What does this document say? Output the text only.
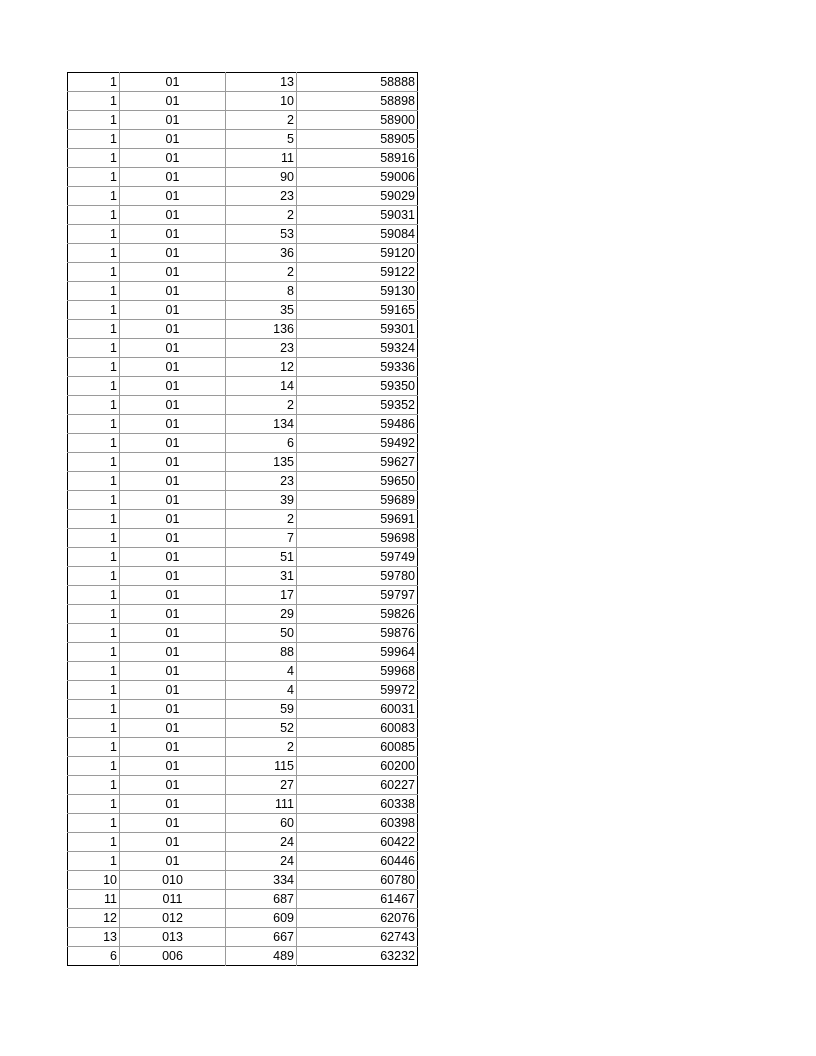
1	01	13	58888
1	01	10	58898
1	01	2	58900
1	01	5	58905
1	01	11	58916
1	01	90	59006
1	01	23	59029
1	01	2	59031
1	01	53	59084
1	01	36	59120
1	01	2	59122
1	01	8	59130
1	01	35	59165
1	01	136	59301
1	01	23	59324
1	01	12	59336
1	01	14	59350
1	01	2	59352
1	01	134	59486
1	01	6	59492
1	01	135	59627
1	01	23	59650
1	01	39	59689
1	01	2	59691
1	01	7	59698
1	01	51	59749
1	01	31	59780
1	01	17	59797
1	01	29	59826
1	01	50	59876
1	01	88	59964
1	01	4	59968
1	01	4	59972
1	01	59	60031
1	01	52	60083
1	01	2	60085
1	01	115	60200
1	01	27	60227
1	01	111	60338
1	01	60	60398
1	01	24	60422
1	01	24	60446
10	010	334	60780
11	011	687	61467
12	012	609	62076
13	013	667	62743
6	006	489	63232
